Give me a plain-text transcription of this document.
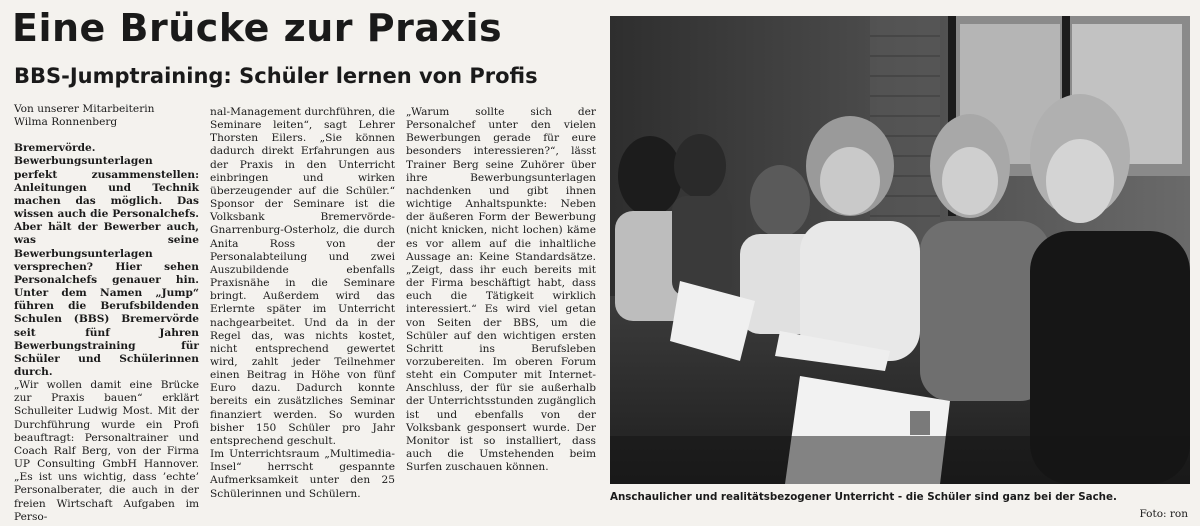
Eine Brücke zur Praxis
BBS-Jumptraining: Schüler lernen von Profis

Von unserer Mitarbeiterin
Wilma Ronnenberg

Bremervörde. Bewerbungsunterlagen perfekt zusammenstellen: Anleitungen und Technik machen das möglich. Das wissen auch die Personalchefs. Aber hält der Bewerber auch, was seine Bewerbungsunterlagen versprechen? Hier sehen Personalchefs genauer hin. Unter dem Namen „Jump“ führen die Berufsbildenden Schulen (BBS) Bremervörde seit fünf Jahren Bewerbungstraining für Schüler und Schülerinnen durch.

„Wir wollen damit eine Brücke zur Praxis bauen“ erklärt Schulleiter Ludwig Most. Mit der Durchführung wurde ein Profi beauftragt: Personaltrainer und Coach Ralf Berg, von der Firma UP Consulting GmbH Hannover. „Es ist uns wichtig, dass ’echte’ Personalberater, die auch in der freien Wirtschaft Aufgaben im Perso-

nal-Management durchführen, die Seminare leiten“, sagt Lehrer Thorsten Eilers. „Sie können dadurch direkt Erfahrungen aus der Praxis in den Unterricht einbringen und wirken überzeugender auf die Schüler.“ Sponsor der Seminare ist die Volksbank Bremervörde-Gnarrenburg-Osterholz, die durch Anita Ross von der Personalabteilung und zwei Auszubildende ebenfalls Praxisnähe in die Seminare bringt. Außerdem wird das Erlernte später im Unterricht nachgearbeitet. Und da in der Regel das, was nichts kostet, nicht entsprechend gewertet wird, zahlt jeder Teilnehmer einen Beitrag in Höhe von fünf Euro dazu. Dadurch konnte bereits ein zusätzliches Seminar finanziert werden. So wurden bisher 150 Schüler pro Jahr entsprechend geschult.

Im Unterrichtsraum „Multimedia-Insel“ herrscht gespannte Aufmerksamkeit unter den 25 Schülerinnen und Schülern.

„Warum sollte sich der Personalchef unter den vielen Bewerbungen gerade für eure besonders interessieren?“, lässt Trainer Berg seine Zuhörer über ihre Bewerbungsunterlagen nachdenken und gibt ihnen wichtige Anhaltspunkte: Neben der äußeren Form der Bewerbung (nicht knicken, nicht lochen) käme es vor allem auf die inhaltliche Aussage an: Keine Standardsätze. „Zeigt, dass ihr euch bereits mit der Firma beschäftigt habt, dass euch die Tätigkeit wirklich interessiert.“ Es wird viel getan von Seiten der BBS, um die Schüler auf den wichtigen ersten Schritt ins Berufsleben vorzubereiten. Im oberen Forum steht ein Computer mit Internet-Anschluss, der für sie außerhalb der Unterrichtsstunden zugänglich ist und ebenfalls von der Volksbank gesponsert wurde. Der Monitor ist so installiert, dass auch die Umstehenden beim Surfen zuschauen können.

Anschaulicher und realitätsbezogener Unterricht - die Schüler sind ganz bei der Sache.
Foto: ron
